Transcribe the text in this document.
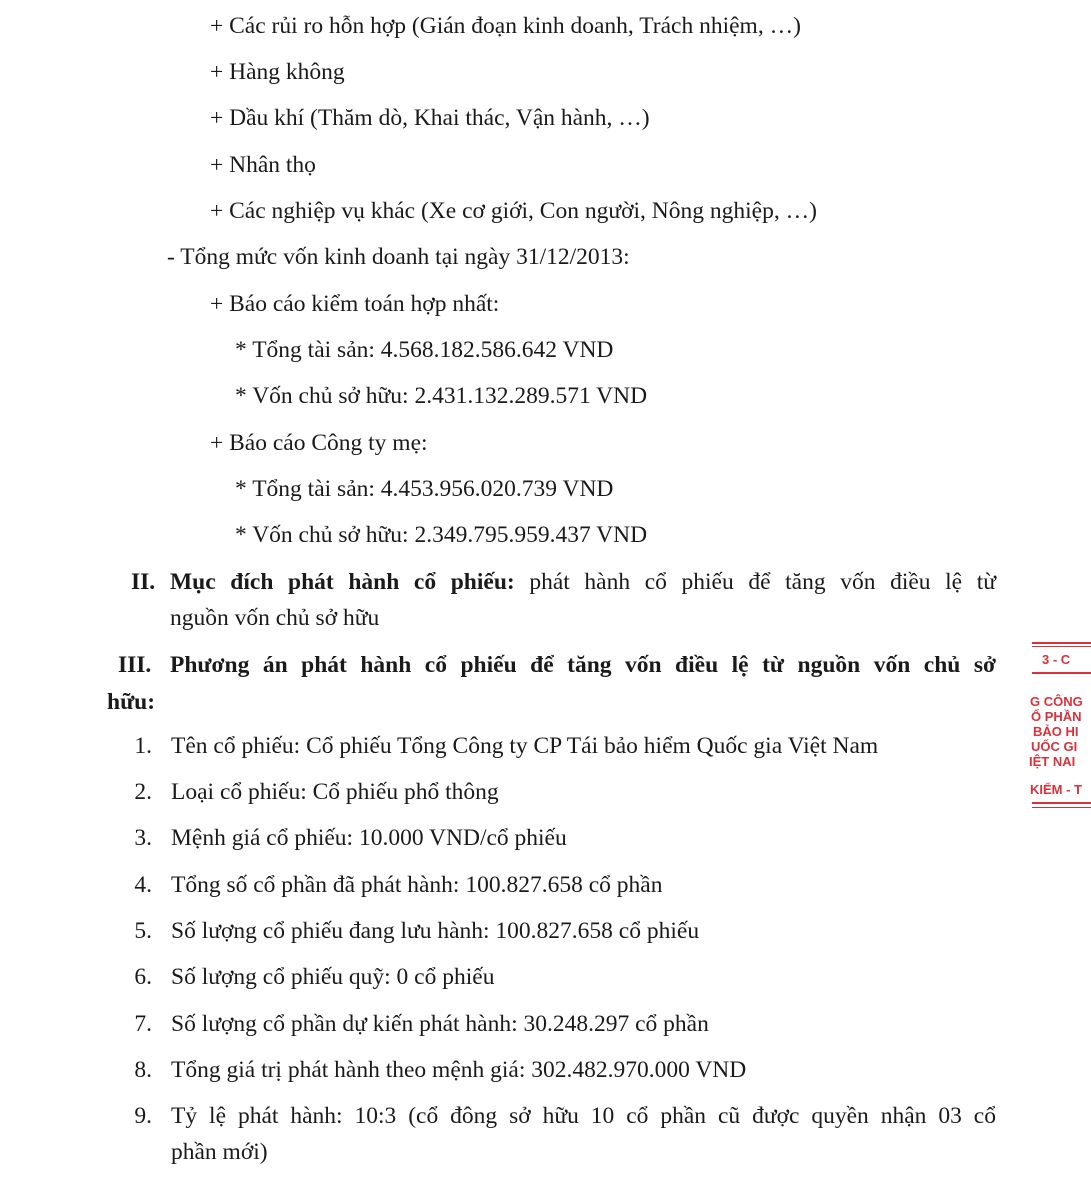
+ Các rủi ro hỗn hợp (Gián đoạn kinh doanh, Trách nhiệm, …)
+ Hàng không
+ Dầu khí (Thăm dò, Khai thác, Vận hành, …)
+ Nhân thọ
+ Các nghiệp vụ khác (Xe cơ giới, Con người, Nông nghiệp, …)
- Tổng mức vốn kinh doanh tại ngày 31/12/2013:
+ Báo cáo kiểm toán hợp nhất:
* Tổng tài sản: 4.568.182.586.642 VND
* Vốn chủ sở hữu: 2.431.132.289.571 VND
+ Báo cáo Công ty mẹ:
* Tổng tài sản: 4.453.956.020.739 VND
* Vốn chủ sở hữu: 2.349.795.959.437 VND
II. Mục đích phát hành cổ phiếu: phát hành cổ phiếu để tăng vốn điều lệ từ
nguồn vốn chủ sở hữu
III. Phương án phát hành cổ phiếu để tăng vốn điều lệ từ nguồn vốn chủ sở
hữu:
1. Tên cổ phiếu: Cổ phiếu Tổng Công ty CP Tái bảo hiểm Quốc gia Việt Nam
2. Loại cổ phiếu: Cổ phiếu phổ thông
3. Mệnh giá cổ phiếu: 10.000 VND/cổ phiếu
4. Tổng số cổ phần đã phát hành: 100.827.658 cổ phần
5. Số lượng cổ phiếu đang lưu hành: 100.827.658 cổ phiếu
6. Số lượng cổ phiếu quỹ: 0 cổ phiếu
7. Số lượng cổ phần dự kiến phát hành: 30.248.297 cổ phần
8. Tổng giá trị phát hành theo mệnh giá: 302.482.970.000 VND
9. Tỷ lệ phát hành: 10:3 (cổ đông sở hữu 10 cổ phần cũ được quyền nhận 03 cổ
phần mới)
3 - C
G CÔNG
Ổ PHẦN
BẢO HI
UỐC GI
IỆT NAI
KIỂM - T
